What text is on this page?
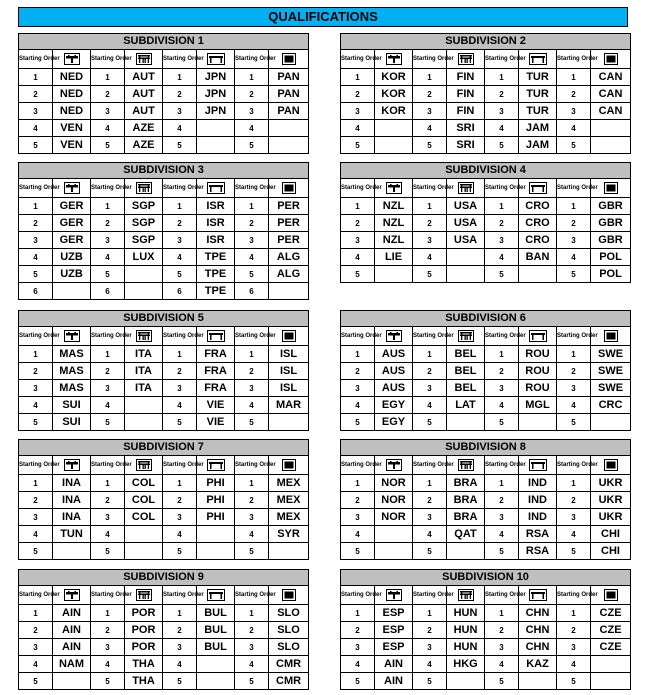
QUALIFICATIONS
SUBDIVISION 1							
Starting Order		Starting Order		Starting Order		Starting Order	

1	NED	1	AUT	1	JPN	1	PAN
2	NED	2	AUT	2	JPN	2	PAN
3	NED	3	AUT	3	JPN	3	PAN
4	VEN	4	AZE	4		4	
5	VEN	5	AZE	5		5	
SUBDIVISION 2							
Starting Order		Starting Order		Starting Order		Starting Order	

1	KOR	1	FIN	1	TUR	1	CAN
2	KOR	2	FIN	2	TUR	2	CAN
3	KOR	3	FIN	3	TUR	3	CAN
4		4	SRI	4	JAM	4	
5		5	SRI	5	JAM	5	
SUBDIVISION 3							
Starting Order		Starting Order		Starting Order		Starting Order	

1	GER	1	SGP	1	ISR	1	PER
2	GER	2	SGP	2	ISR	2	PER
3	GER	3	SGP	3	ISR	3	PER
4	UZB	4	LUX	4	TPE	4	ALG
5	UZB	5		5	TPE	5	ALG
6		6		6	TPE	6	
SUBDIVISION 4							
Starting Order		Starting Order		Starting Order		Starting Order	

1	NZL	1	USA	1	CRO	1	GBR
2	NZL	2	USA	2	CRO	2	GBR
3	NZL	3	USA	3	CRO	3	GBR
4	LIE	4		4	BAN	4	POL
5		5		5		5	POL
SUBDIVISION 5							
Starting Order		Starting Order		Starting Order		Starting Order	

1	MAS	1	ITA	1	FRA	1	ISL
2	MAS	2	ITA	2	FRA	2	ISL
3	MAS	3	ITA	3	FRA	3	ISL
4	SUI	4		4	VIE	4	MAR
5	SUI	5		5	VIE	5	
SUBDIVISION 6							
Starting Order		Starting Order		Starting Order		Starting Order	

1	AUS	1	BEL	1	ROU	1	SWE
2	AUS	2	BEL	2	ROU	2	SWE
3	AUS	3	BEL	3	ROU	3	SWE
4	EGY	4	LAT	4	MGL	4	CRC
5	EGY	5		5		5	
SUBDIVISION 7							
Starting Order		Starting Order		Starting Order		Starting Order	

1	INA	1	COL	1	PHI	1	MEX
2	INA	2	COL	2	PHI	2	MEX
3	INA	3	COL	3	PHI	3	MEX
4	TUN	4		4		4	SYR
5		5		5		5	
SUBDIVISION 8							
Starting Order		Starting Order		Starting Order		Starting Order	

1	NOR	1	BRA	1	IND	1	UKR
2	NOR	2	BRA	2	IND	2	UKR
3	NOR	3	BRA	3	IND	3	UKR
4		4	QAT	4	RSA	4	CHI
5		5		5	RSA	5	CHI
SUBDIVISION 9							
Starting Order		Starting Order		Starting Order		Starting Order	

1	AIN	1	POR	1	BUL	1	SLO
2	AIN	2	POR	2	BUL	2	SLO
3	AIN	3	POR	3	BUL	3	SLO
4	NAM	4	THA	4		4	CMR
5		5	THA	5		5	CMR
SUBDIVISION 10							
Starting Order		Starting Order		Starting Order		Starting Order	

1	ESP	1	HUN	1	CHN	1	CZE
2	ESP	2	HUN	2	CHN	2	CZE
3	ESP	3	HUN	3	CHN	3	CZE
4	AIN	4	HKG	4	KAZ	4	
5	AIN	5		5		5	
